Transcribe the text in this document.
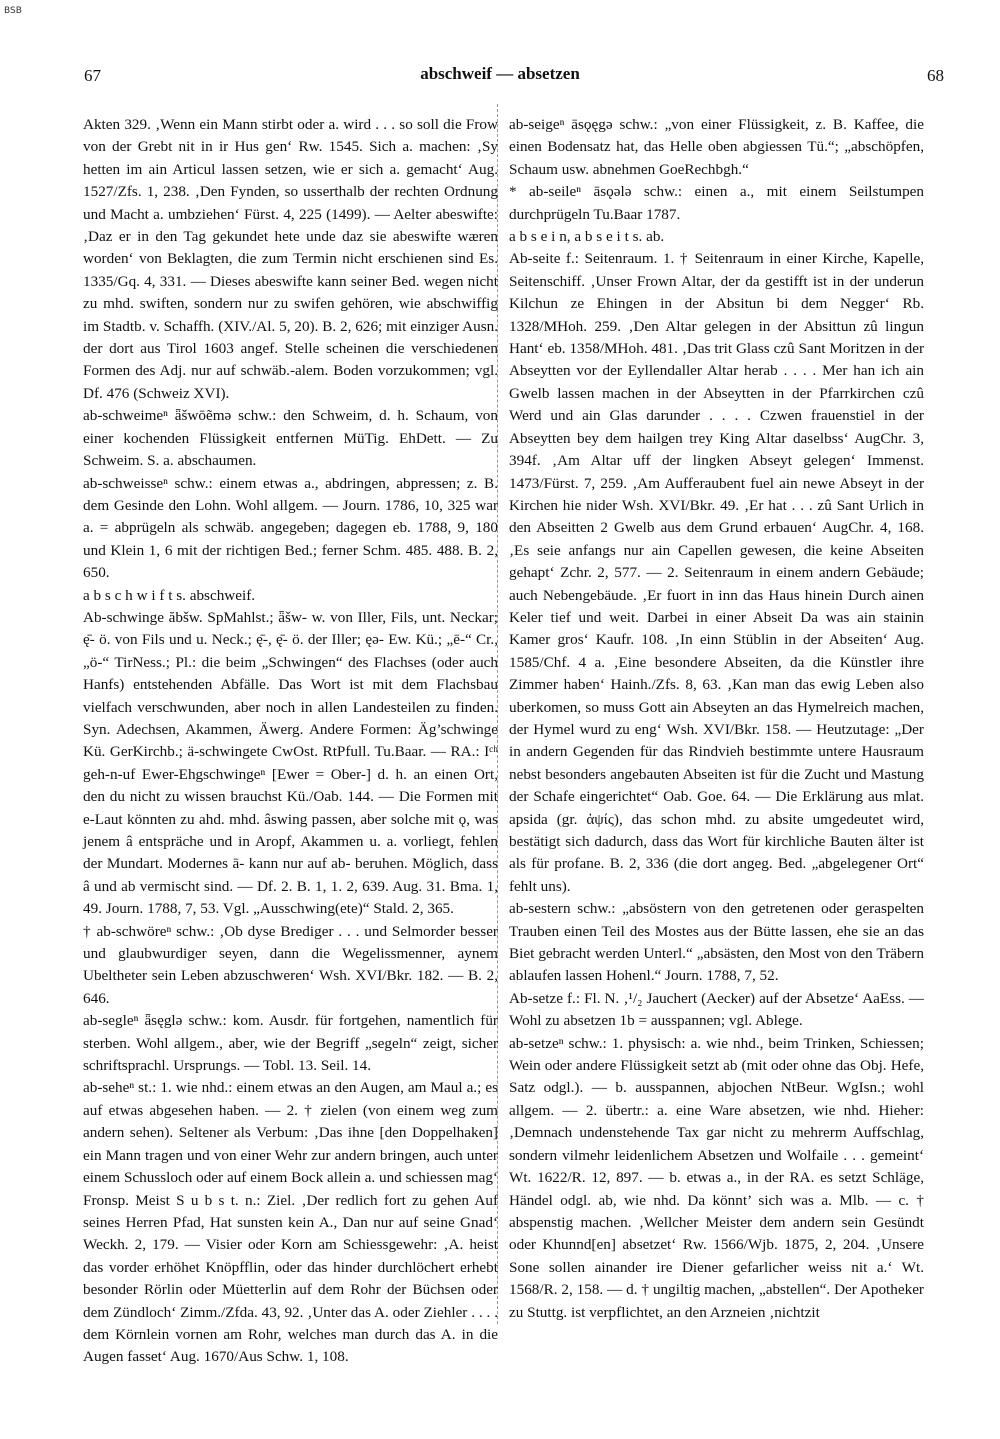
BSB
67	abschweif — absetzen	68

Akten 329. ‚Wenn ein Mann stirbt oder a. wird . . . so soll die Frow von der Grebt nit in ir Hus gen‘ Rw. 1545. Sich a. machen: ‚Sy hetten im ain Articul lassen setzen, wie er sich a. gemacht‘ Aug. 1527/Zfs. 1, 238. ‚Den Fynden, so usserthalb der rechten Ordnung und Macht a. umbziehen‘ Fürst. 4, 225 (1499). — Aelter abeswifte: ‚Daz er in den Tag gekundet hete unde daz sie abeswifte wæren worden‘ von Beklagten, die zum Termin nicht erschienen sind Es. 1335/Gq. 4, 331. — Dieses abeswifte kann seiner Bed. wegen nicht zu mhd. swiften, sondern nur zu swifen gehören, wie abschwiffig im Stadtb. v. Schaffh. (XIV./Al. 5, 20). B. 2, 626; mit einziger Ausn. der dort aus Tirol 1603 angef. Stelle scheinen die verschiedenen Formen des Adj. nur auf schwäb.-alem. Boden vorzukommen; vgl. Df. 476 (Schweiz XVI).

ab-schweimeⁿ ǟšwōẽmə schw.: den Schweim, d. h. Schaum, von einer kochenden Flüssigkeit entfernen MüTig. EhDett. — Zu Schweim. S. a. abschaumen.

ab-schweisseⁿ schw.: einem etwas a., abdringen, abpressen; z. B. dem Gesinde den Lohn. Wohl allgem. — Journ. 1786, 10, 325 war a. = abprügeln als schwäb. angegeben; dagegen eb. 1788, 9, 180 und Klein 1, 6 mit der richtigen Bed.; ferner Schm. 485. 488. B. 2, 650.

a b s c h w i f t s. abschweif.

Ab-schwinge ăbšw. SpMahlst.; ǟšw- w. von Iller, Fils, unt. Neckar; ę̄- ö. von Fils und u. Neck.; ę̄-, ę̄- ö. der Iller; ęə- Ew. Kü.; „ē-“ Cr., „ö-“ TirNess.; Pl.: die beim „Schwingen“ des Flachses (oder auch Hanfs) entstehenden Abfälle. Das Wort ist mit dem Flachsbau vielfach verschwunden, aber noch in allen Landesteilen zu finden. Syn. Adechsen, Akammen, Äwerg. Andere Formen: Äg’schwinge Kü. GerKirchb.; ä-schwingete CwOst. RtPfull. Tu.Baar. — RA.: Iᶜʰ geh-n-uf Ewer-Ehgschwingeⁿ [Ewer = Ober-] d. h. an einen Ort, den du nicht zu wissen brauchst Kü./Oab. 144. — Die Formen mit e-Laut könnten zu ahd. mhd. âswing passen, aber solche mit ǫ, was jenem â entspräche und in Aropf, Akammen u. a. vorliegt, fehlen der Mundart. Modernes ā- kann nur auf ab- beruhen. Möglich, dass â und ab vermischt sind. — Df. 2. B. 1, 1. 2, 639. Aug. 31. Bma. 1, 49. Journ. 1788, 7, 53. Vgl. „Ausschwing(ete)“ Stald. 2, 365.

† ab-schwöreⁿ schw.: ‚Ob dyse Brediger . . . und Selmorder besser und glaubwurdiger seyen, dann die Wegelissmenner, aynem Ubeltheter sein Leben abzuschweren‘ Wsh. XVI/Bkr. 182. — B. 2, 646.

ab-segleⁿ ǟsęglə schw.: kom. Ausdr. für fortgehen, namentlich für sterben. Wohl allgem., aber, wie der Begriff „segeln“ zeigt, sicher schriftsprachl. Ursprungs. — Tobl. 13. Seil. 14.

ab-seheⁿ st.: 1. wie nhd.: einem etwas an den Augen, am Maul a.; es auf etwas abgesehen haben. — 2. † zielen (von einem weg zum andern sehen). Seltener als Verbum: ‚Das ihne [den Doppelhaken] ein Mann tragen und von einer Wehr zur andern bringen, auch unter einem Schussloch oder auf einem Bock allein a. und schiessen mag‘ Fronsp. Meist S u b s t. n.: Ziel. ‚Der redlich fort zu gehen Auf seines Herren Pfad, Hat sunsten kein A., Dan nur auf seine Gnad‘ Weckh. 2, 179. — Visier oder Korn am Schiessgewehr: ‚A. heist das vorder erhöhet Knöpfflin, oder das hinder durchlöchert erhebt besonder Rörlin oder Müetterlin auf dem Rohr der Büchsen oder dem Zündloch‘ Zimm./Zfda. 43, 92. ‚Unter das A. oder Ziehler . . . . dem Körnlein vornen am Rohr, welches man durch das A. in die Augen fasset‘ Aug. 1670/Aus Schw. 1, 108.

ab-seigeⁿ āsǫęgə schw.: „von einer Flüssigkeit, z. B. Kaffee, die einen Bodensatz hat, das Helle oben abgiessen Tü.“; „abschöpfen, Schaum usw. abnehmen GoeRechbgh.“

* ab-seileⁿ āsǫələ schw.: einen a., mit einem Seilstumpen durchprügeln Tu.Baar 1787.

a b s e i n, a b s e i t s. ab.

Ab-seite f.: Seitenraum. 1. † Seitenraum in einer Kirche, Kapelle, Seitenschiff. ‚Unser Frown Altar, der da gestifft ist in der underun Kilchun ze Ehingen in der Absitun bi dem Negger‘ Rb. 1328/MHoh. 259. ‚Den Altar gelegen in der Absittun zû lingun Hant‘ eb. 1358/MHoh. 481. ‚Das trit Glass czû Sant Moritzen in der Abseytten vor der Eyllendaller Altar herab . . . . Mer han ich ain Gwelb lassen machen in der Abseytten in der Pfarrkirchen czû Werd und ain Glas darunder . . . . Czwen frauenstiel in der Abseytten bey dem hailgen trey King Altar daselbss‘ AugChr. 3, 394f. ‚Am Altar uff der lingken Abseyt gelegen‘ Immenst. 1473/Fürst. 7, 259. ‚Am Aufferaubent fuel ain newe Abseyt in der Kirchen hie nider Wsh. XVI/Bkr. 49. ‚Er hat . . . zû Sant Urlich in den Abseitten 2 Gwelb aus dem Grund erbauen‘ AugChr. 4, 168. ‚Es seie anfangs nur ain Capellen gewesen, die keine Abseiten gehapt‘ Zchr. 2, 577. — 2. Seitenraum in einem andern Gebäude; auch Nebengebäude. ‚Er fuort in inn das Haus hinein Durch ainen Keler tief und weit. Darbei in einer Abseit Da was ain stainin Kamer gros‘ Kaufr. 108. ‚In einn Stüblin in der Abseiten‘ Aug. 1585/Chf. 4 a. ‚Eine besondere Abseiten, da die Künstler ihre Zimmer haben‘ Hainh./Zfs. 8, 63. ‚Kan man das ewig Leben also uberkomen, so muss Gott ain Abseyten an das Hymelreich machen, der Hymel wurd zu eng‘ Wsh. XVI/Bkr. 158. — Heutzutage: „Der in andern Gegenden für das Rindvieh bestimmte untere Hausraum nebst besonders angebauten Abseiten ist für die Zucht und Mastung der Schafe eingerichtet“ Oab. Goe. 64. — Die Erklärung aus mlat. apsida (gr. ἀψίς), das schon mhd. zu absite umgedeutet wird, bestätigt sich dadurch, dass das Wort für kirchliche Bauten älter ist als für profane. B. 2, 336 (die dort angeg. Bed. „abgelegener Ort“ fehlt uns).

ab-sestern schw.: „absöstern von den getretenen oder geraspelten Trauben einen Teil des Mostes aus der Bütte lassen, ehe sie an das Biet gebracht werden Unterl.“ „absästen, den Most von den Träbern ablaufen lassen Hohenl.“ Journ. 1788, 7, 52.

Ab-setze f.: Fl. N. ‚¹/₂ Jauchert (Aecker) auf der Absetze‘ AaEss. — Wohl zu absetzen 1b = ausspannen; vgl. Ablege.

ab-setzeⁿ schw.: 1. physisch: a. wie nhd., beim Trinken, Schiessen; Wein oder andere Flüssigkeit setzt ab (mit oder ohne das Obj. Hefe, Satz odgl.). — b. ausspannen, abjochen NtBeur. WgIsn.; wohl allgem. — 2. übertr.: a. eine Ware absetzen, wie nhd. Hieher: ‚Demnach undenstehende Tax gar nicht zu mehrerm Auffschlag, sondern vilmehr leidenlichem Absetzen und Wolfaile . . . gemeint‘ Wt. 1622/R. 12, 897. — b. etwas a., in der RA. es setzt Schläge, Händel odgl. ab, wie nhd. Da könnt’ sich was a. Mlb. — c. † abspenstig machen. ‚Wellcher Meister dem andern sein Gesündt oder Khunnd[en] absetzet‘ Rw. 1566/Wjb. 1875, 2, 204. ‚Unsere Sone sollen ainander ire Diener gefarlicher weiss nit a.‘ Wt. 1568/R. 2, 158. — d. † ungiltig machen, „abstellen“. Der Apotheker zu Stuttg. ist verpflichtet, an den Arzneien ‚nichtzit
